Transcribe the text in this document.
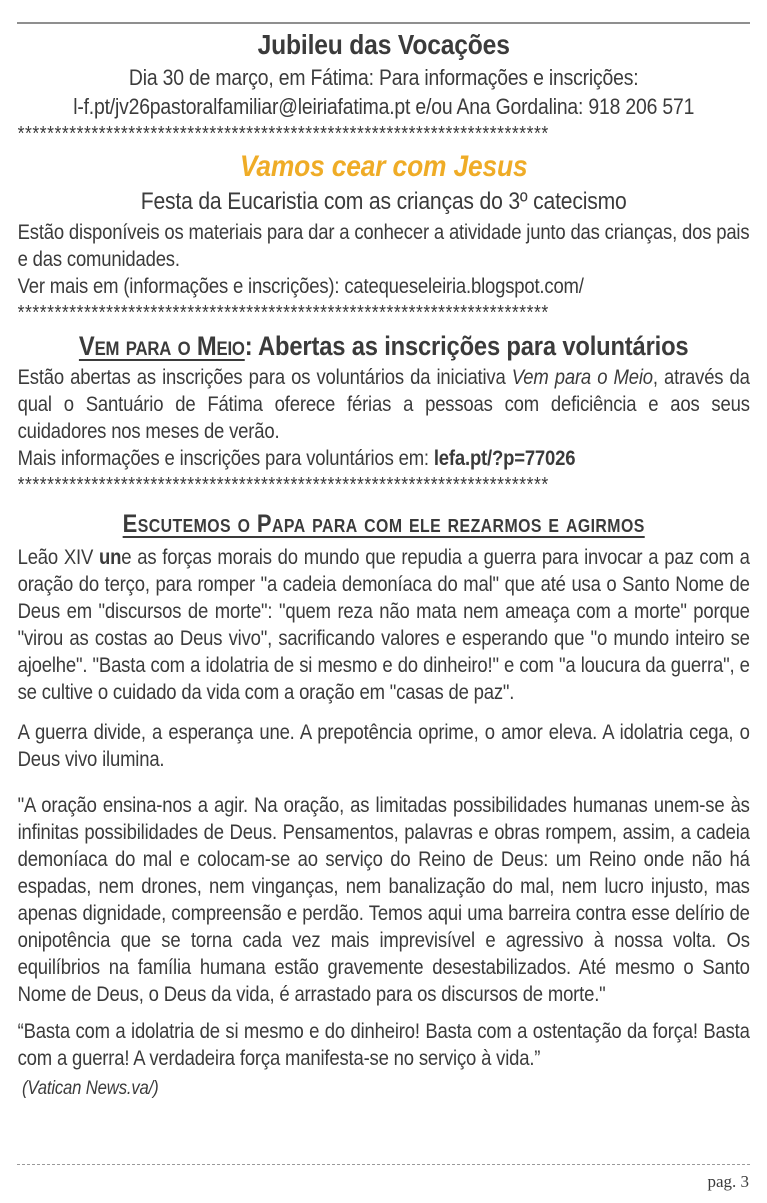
Jubileu das Vocações
Dia 30 de março, em Fátima: Para informações e inscrições:
l-f.pt/jv26pastoralfamiliar@leiriafatima.pt e/ou Ana Gordalina: 918 206 571
************************************************************************
Vamos cear com Jesus
Festa da Eucaristia com as crianças do 3º catecismo
Estão disponíveis os materiais para dar a conhecer a atividade junto das crianças, dos pais e das comunidades.
Ver mais em (informações e inscrições): catequeseleiria.blogspot.com/
************************************************************************
Vem para o Meio: Abertas as inscrições para voluntários
Estão abertas as inscrições para os voluntários da iniciativa Vem para o Meio, através da qual o Santuário de Fátima oferece férias a pessoas com deficiência e aos seus cuidadores nos meses de verão.
Mais informações e inscrições para voluntários em: lefa.pt/?p=77026
************************************************************************
Escutemos o Papa para com ele rezarmos e agirmos

Leão XIV une as forças morais do mundo que repudia a guerra para invocar a paz com a oração do terço, para romper "a cadeia demoníaca do mal" que até usa o Santo Nome de Deus em "discursos de morte": "quem reza não mata nem ameaça com a morte" porque "virou as costas ao Deus vivo", sacrificando valores e esperando que "o mundo inteiro se ajoelhe". "Basta com a idolatria de si mesmo e do dinheiro!" e com "a loucura da guerra", e se cultive o cuidado da vida com a oração em "casas de paz".

A guerra divide, a esperança une. A prepotência oprime, o amor eleva. A idolatria cega, o Deus vivo ilumina.

"A oração ensina-nos a agir. Na oração, as limitadas possibilidades humanas unem-se às infinitas possibilidades de Deus. Pensamentos, palavras e obras rompem, assim, a cadeia demoníaca do mal e colocam-se ao serviço do Reino de Deus: um Reino onde não há espadas, nem drones, nem vinganças, nem banalização do mal, nem lucro injusto, mas apenas dignidade, compreensão e perdão. Temos aqui uma barreira contra esse delírio de onipotência que se torna cada vez mais imprevisível e agressivo à nossa volta. Os equilíbrios na família humana estão gravemente desestabilizados. Até mesmo o Santo Nome de Deus, o Deus da vida, é arrastado para os discursos de morte."

“Basta com a idolatria de si mesmo e do dinheiro! Basta com a ostentação da força! Basta com a guerra! A verdadeira força manifesta-se no serviço à vida.”

(Vatican News.va/)
pag. 3
